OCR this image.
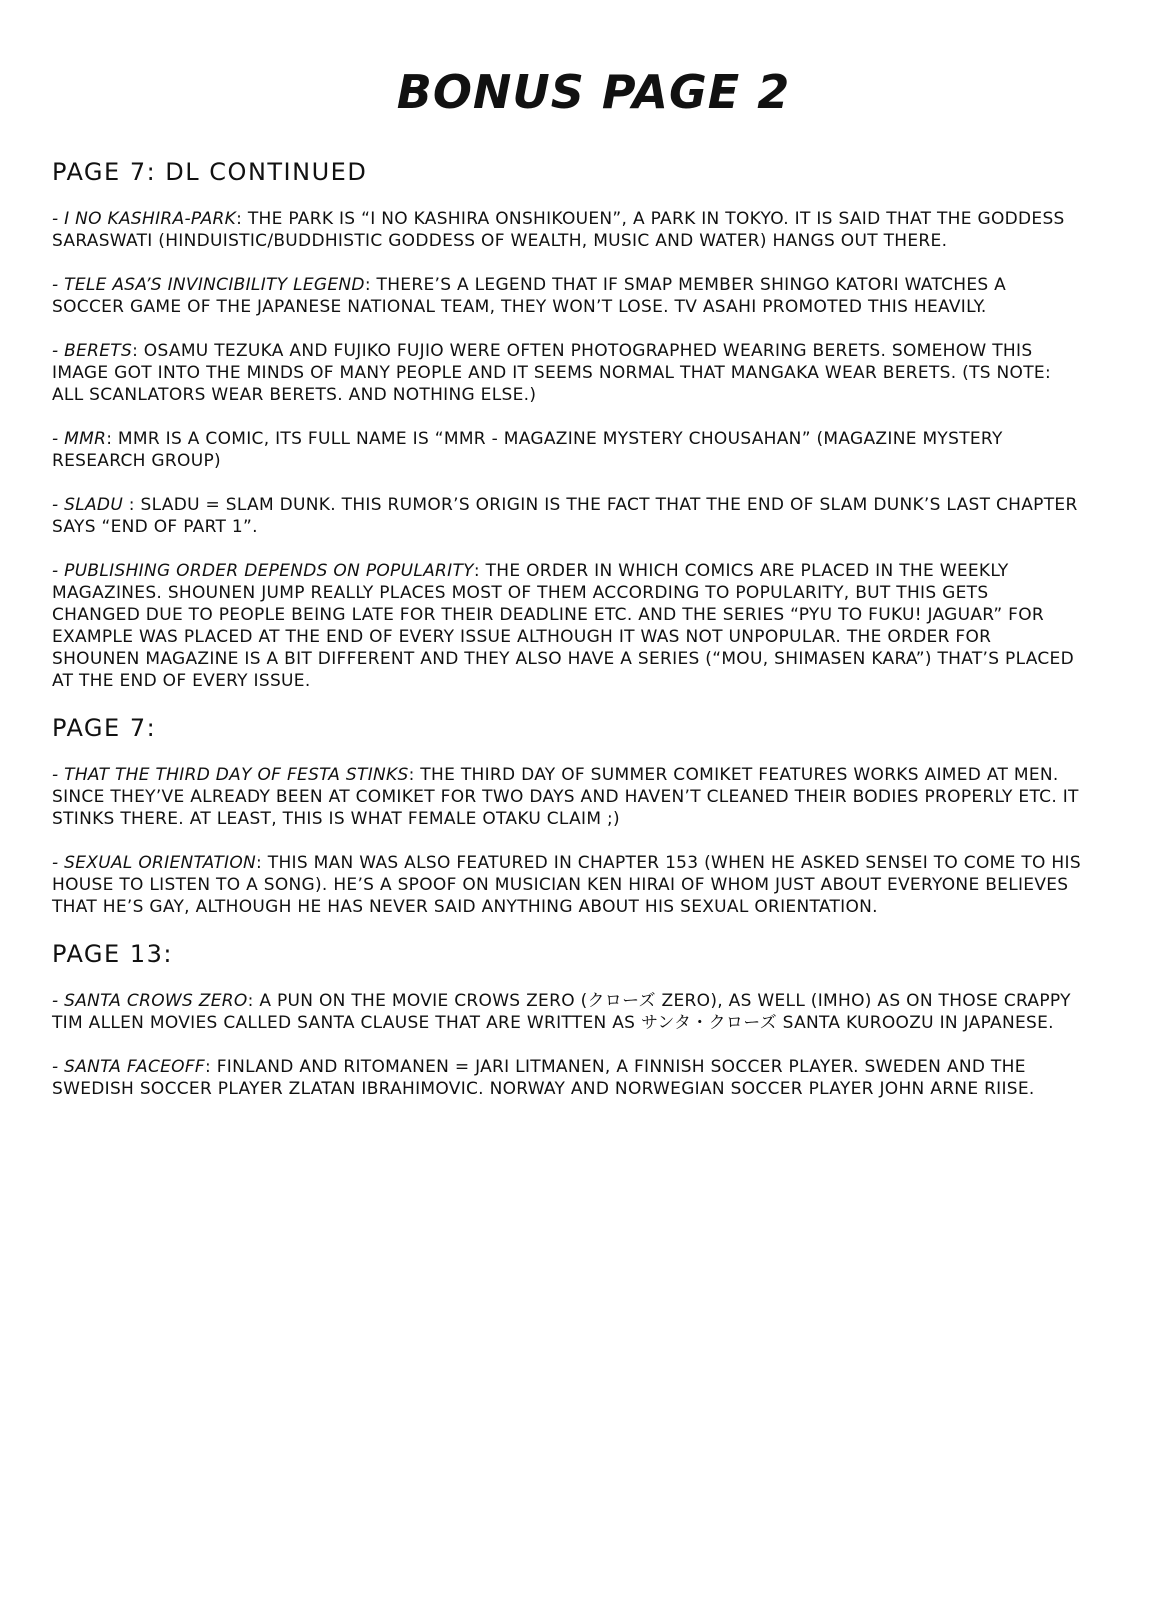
BONUS PAGE 2
PAGE 7: DL CONTINUED

- I NO KASHIRA-PARK: THE PARK IS “I NO KASHIRA ONSHIKOUEN”, A PARK IN TOKYO. IT IS SAID THAT THE GODDESS SARASWATI (HINDUISTIC/BUDDHISTIC GODDESS OF WEALTH, MUSIC AND WATER) HANGS OUT THERE.

- TELE ASA’S INVINCIBILITY LEGEND: THERE’S A LEGEND THAT IF SMAP MEMBER SHINGO KATORI WATCHES A SOCCER GAME OF THE JAPANESE NATIONAL TEAM, THEY WON’T LOSE. TV ASAHI PROMOTED THIS HEAVILY.

- BERETS: OSAMU TEZUKA AND FUJIKO FUJIO WERE OFTEN PHOTOGRAPHED WEARING BERETS. SOMEHOW THIS IMAGE GOT INTO THE MINDS OF MANY PEOPLE AND IT SEEMS NORMAL THAT MANGAKA WEAR BERETS. (TS NOTE: ALL SCANLATORS WEAR BERETS. AND NOTHING ELSE.)

- MMR: MMR IS A COMIC, ITS FULL NAME IS “MMR - MAGAZINE MYSTERY CHOUSAHAN” (MAGAZINE MYSTERY RESEARCH GROUP)

- SLADU : SLADU = SLAM DUNK. THIS RUMOR’S ORIGIN IS THE FACT THAT THE END OF SLAM DUNK’S LAST CHAPTER SAYS “END OF PART 1”.

- PUBLISHING ORDER DEPENDS ON POPULARITY: THE ORDER IN WHICH COMICS ARE PLACED IN THE WEEKLY MAGAZINES. SHOUNEN JUMP REALLY PLACES MOST OF THEM ACCORDING TO POPULARITY, BUT THIS GETS CHANGED DUE TO PEOPLE BEING LATE FOR THEIR DEADLINE ETC. AND THE SERIES “PYU TO FUKU! JAGUAR” FOR EXAMPLE WAS PLACED AT THE END OF EVERY ISSUE ALTHOUGH IT WAS NOT UNPOPULAR. THE ORDER FOR SHOUNEN MAGAZINE IS A BIT DIFFERENT AND THEY ALSO HAVE A SERIES (“MOU, SHIMASEN KARA”) THAT’S PLACED AT THE END OF EVERY ISSUE.

PAGE 7:

- THAT THE THIRD DAY OF FESTA STINKS: THE THIRD DAY OF SUMMER COMIKET FEATURES WORKS AIMED AT MEN. SINCE THEY’VE ALREADY BEEN AT COMIKET FOR TWO DAYS AND HAVEN’T CLEANED THEIR BODIES PROPERLY ETC. IT STINKS THERE. AT LEAST, THIS IS WHAT FEMALE OTAKU CLAIM ;)

- SEXUAL ORIENTATION: THIS MAN WAS ALSO FEATURED IN CHAPTER 153 (WHEN HE ASKED SENSEI TO COME TO HIS HOUSE TO LISTEN TO A SONG). HE’S A SPOOF ON MUSICIAN KEN HIRAI OF WHOM JUST ABOUT EVERYONE BELIEVES THAT HE’S GAY, ALTHOUGH HE HAS NEVER SAID ANYTHING ABOUT HIS SEXUAL ORIENTATION.

PAGE 13:

- SANTA CROWS ZERO: A PUN ON THE MOVIE CROWS ZERO (クローズ ZERO), AS WELL (IMHO) AS ON THOSE CRAPPY TIM ALLEN MOVIES CALLED SANTA CLAUSE THAT ARE WRITTEN AS サンタ・クローズ SANTA KUROOZU IN JAPANESE.

- SANTA FACEOFF: FINLAND AND RITOMANEN = JARI LITMANEN, A FINNISH SOCCER PLAYER. SWEDEN AND THE SWEDISH SOCCER PLAYER ZLATAN IBRAHIMOVIC. NORWAY AND NORWEGIAN SOCCER PLAYER JOHN ARNE RIISE.
